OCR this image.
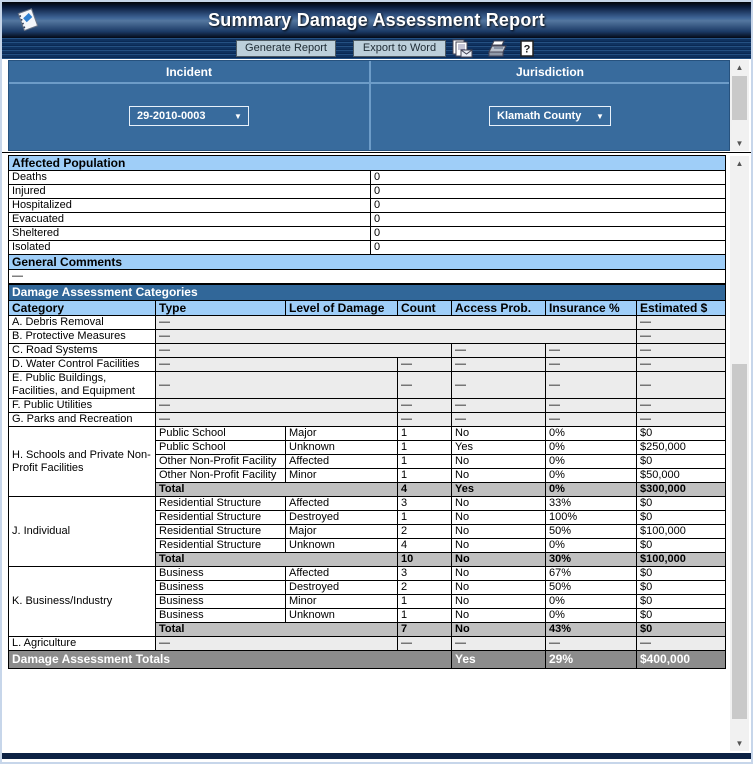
Summary Damage Assessment Report
Generate Report	Export to Word	?
Incident
29-2010-0003	▼
Jurisdiction
Klamath County	▼
▲
▼
Affected Population	
Deaths	0
Injured	0
Hospitalized	0
Evacuated	0
Sheltered	0
Isolated	0
General Comments	
—	
Damage Assessment Categories						
Category	Type	Level of Damage	Count	Access Prob.	Insurance %	Estimated $
A. Debris Removal	—					—
B. Protective Measures	—					—
C. Road Systems	—			—	—	—
D. Water Control Facilities	—		—	—	—	—
E. Public Buildings, Facilities, and Equipment	—		—	—	—	—
F. Public Utilities	—		—	—	—	—
G. Parks and Recreation	—		—	—	—	—
H. Schools and Private Non-Profit Facilities	Public School	Major	1	No	0%	$0
	Public School	Unknown	1	Yes	0%	$250,000
	Other Non-Profit Facility	Affected	1	No	0%	$0
	Other Non-Profit Facility	Minor	1	No	0%	$50,000
	Total		4	Yes	0%	$300,000
J. Individual	Residential Structure	Affected	3	No	33%	$0
	Residential Structure	Destroyed	1	No	100%	$0
	Residential Structure	Major	2	No	50%	$100,000
	Residential Structure	Unknown	4	No	0%	$0
	Total		10	No	30%	$100,000
K. Business/Industry	Business	Affected	3	No	67%	$0
	Business	Destroyed	2	No	50%	$0
	Business	Minor	1	No	0%	$0
	Business	Unknown	1	No	0%	$0
	Total		7	No	43%	$0
L. Agriculture	—		—	—	—	—
Damage Assessment Totals				Yes	29%	$400,000
▲
▼
